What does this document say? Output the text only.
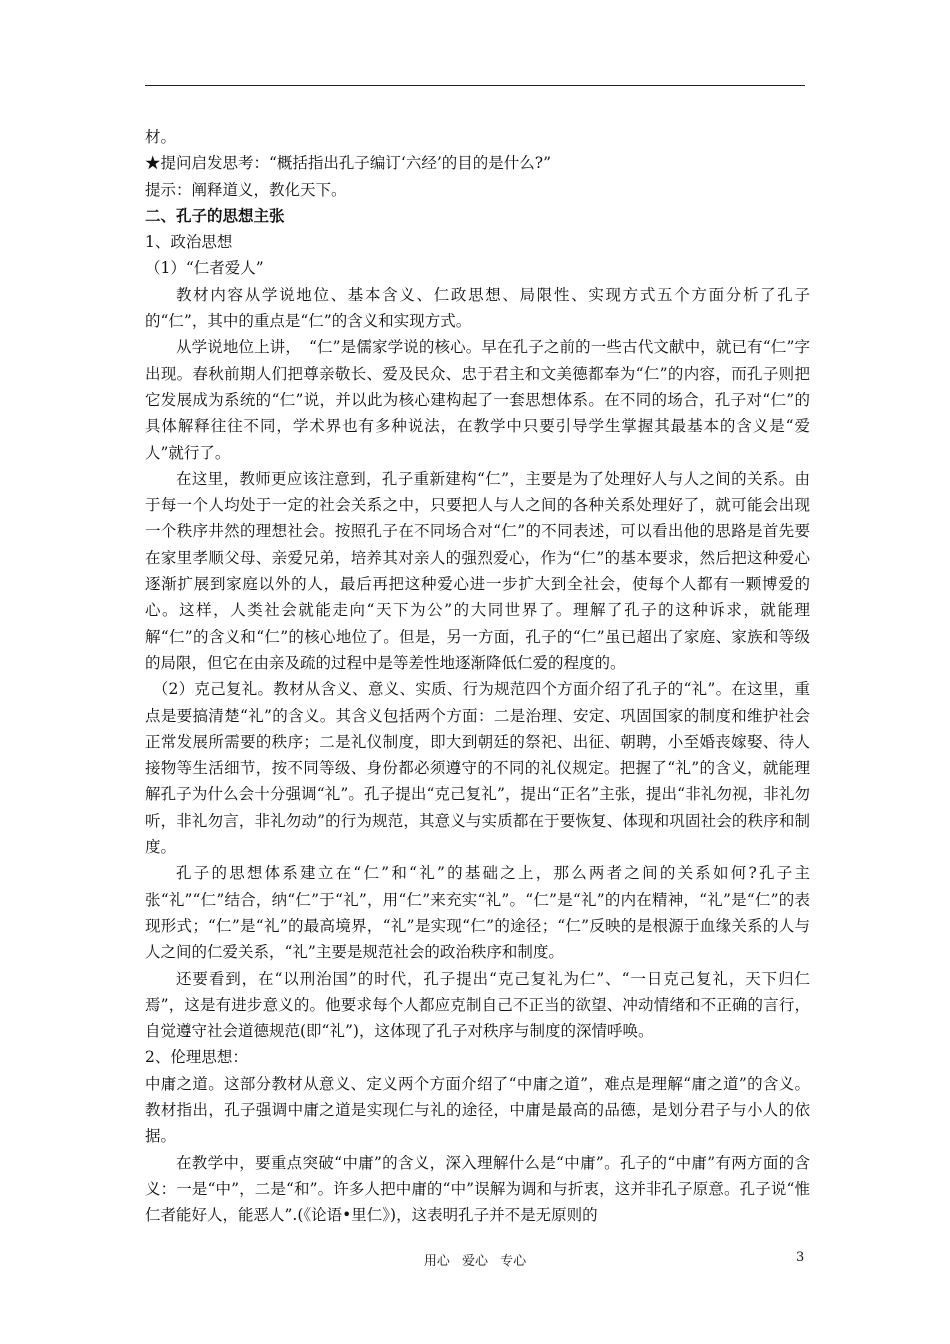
材。

★提问启发思考：“概括指出孔子编订‘六经’的目的是什么?”

提示：阐释道义，教化天下。

二、孔子的思想主张

1、政治思想

（1）“仁者爱人”

教材内容从学说地位、基本含义、仁政思想、局限性、实现方式五个方面分析了孔子的“仁”，其中的重点是“仁”的含义和实现方式。

从学说地位上讲，　“仁”是儒家学说的核心。早在孔子之前的一些古代文献中，就已有“仁”字出现。春秋前期人们把尊亲敬长、爱及民众、忠于君主和文美德都奉为“仁”的内容，而孔子则把它发展成为系统的“仁”说，并以此为核心建构起了一套思想体系。在不同的场合，孔子对“仁”的具体解释往往不同，学术界也有多种说法，在教学中只要引导学生掌握其最基本的含义是“爱人”就行了。

在这里，教师更应该注意到，孔子重新建构“仁”，主要是为了处理好人与人之间的关系。由于每一个人均处于一定的社会关系之中，只要把人与人之间的各种关系处理好了，就可能会出现一个秩序井然的理想社会。按照孔子在不同场合对“仁”的不同表述，可以看出他的思路是首先要在家里孝顺父母、亲爱兄弟，培养其对亲人的强烈爱心，作为“仁”的基本要求，然后把这种爱心逐渐扩展到家庭以外的人，最后再把这种爱心进一步扩大到全社会，使每个人都有一颗博爱的心。这样，人类社会就能走向“天下为公”的大同世界了。理解了孔子的这种诉求，就能理解“仁”的含义和“仁”的核心地位了。但是，另一方面，孔子的“仁”虽已超出了家庭、家族和等级的局限，但它在由亲及疏的过程中是等差性地逐渐降低仁爱的程度的。

（2）克己复礼。教材从含义、意义、实质、行为规范四个方面介绍了孔子的“礼”。在这里，重点是要搞清楚“礼”的含义。其含义包括两个方面：二是治理、安定、巩固国家的制度和维护社会正常发展所需要的秩序；二是礼仪制度，即大到朝廷的祭祀、出征、朝聘，小至婚丧嫁娶、待人接物等生活细节，按不同等级、身份都必须遵守的不同的礼仪规定。把握了“礼”的含义，就能理解孔子为什么会十分强调“礼”。孔子提出“克己复礼”，提出“正名”主张，提出“非礼勿视，非礼勿听，非礼勿言，非礼勿动”的行为规范，其意义与实质都在于要恢复、体现和巩固社会的秩序和制度。

孔子的思想体系建立在“仁”和“礼”的基础之上，那么两者之间的关系如何?孔子主张“礼”“仁”结合，纳“仁”于“礼”，用“仁”来充实“礼”。“仁”是“礼”的内在精神，“礼”是“仁”的表现形式；“仁”是“礼”的最高境界，“礼”是实现“仁”的途径；“仁”反映的是根源于血缘关系的人与人之间的仁爱关系，“礼”主要是规范社会的政治秩序和制度。

还要看到，在“以刑治国”的时代，孔子提出“克己复礼为仁”、“一日克己复礼，天下归仁焉”，这是有进步意义的。他要求每个人都应克制自己不正当的欲望、冲动情绪和不正确的言行，自觉遵守社会道德规范(即“礼”)，这体现了孔子对秩序与制度的深情呼唤。

2、伦理思想：

中庸之道。这部分教材从意义、定义两个方面介绍了“中庸之道”，难点是理解“庸之道”的含义。教材指出，孔子强调中庸之道是实现仁与礼的途径，中庸是最高的品德，是划分君子与小人的依据。

在教学中，要重点突破“中庸”的含义，深入理解什么是“中庸”。孔子的“中庸”有两方面的含义：一是“中”，二是“和”。许多人把中庸的“中”误解为调和与折衷，这并非孔子原意。孔子说“惟仁者能好人，能恶人”.(《论语•里仁》)，这表明孔子并不是无原则的

用心 爱心 专心	3
